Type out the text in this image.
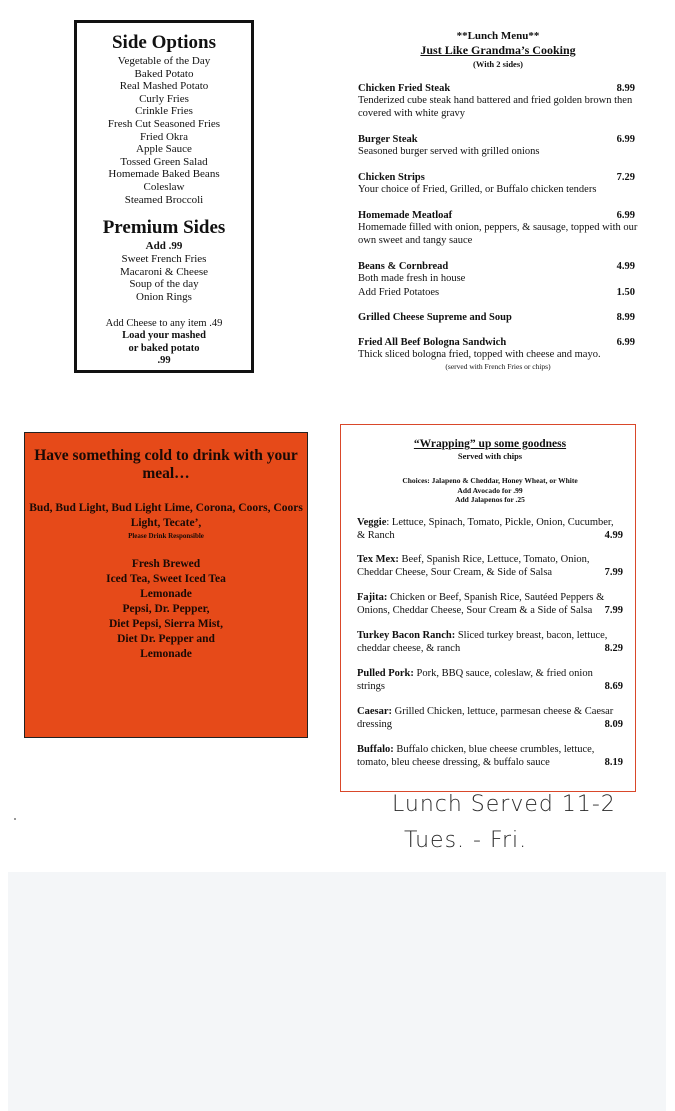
Side Options
Vegetable of the Day
Baked Potato
Real Mashed Potato
Curly Fries
Crinkle Fries
Fresh Cut Seasoned Fries
Fried Okra
Apple Sauce
Tossed Green Salad
Homemade Baked Beans
Coleslaw
Steamed Broccoli
Premium Sides
Add .99
Sweet French Fries
Macaroni & Cheese
Soup of the day
Onion Rings
Add Cheese to any item .49
Load your mashed
or baked potato
.99
**Lunch Menu**
Just Like Grandma’s Cooking
(With 2 sides)
Chicken Fried Steak	8.99
Tenderized cube steak hand battered and fried golden brown then covered with white gravy
Burger Steak	6.99
Seasoned burger served with grilled onions
Chicken Strips	7.29
Your choice of Fried, Grilled, or Buffalo chicken tenders
Homemade Meatloaf	6.99
Homemade filled with onion, peppers, & sausage, topped with our own sweet and tangy sauce
Beans & Cornbread	4.99
Both made fresh in house
Add Fried Potatoes	1.50
Grilled Cheese Supreme and Soup	8.99
Fried All Beef Bologna Sandwich	6.99
Thick sliced bologna fried, topped with cheese and mayo.
(served with French Fries or chips)
Have something cold to drink with your meal…
Bud, Bud Light, Bud Light Lime, Corona, Coors, Coors Light, Tecate’,
Please Drink Responsible
Fresh Brewed
Iced Tea, Sweet Iced Tea
Lemonade
Pepsi, Dr. Pepper,
Diet Pepsi, Sierra Mist,
Diet Dr. Pepper and
Lemonade
“Wrapping” up some goodness
Served with chips
Choices: Jalapeno & Cheddar, Honey Wheat, or White
Add Avocado for .99
Add Jalapenos for .25
Veggie: Lettuce, Spinach, Tomato, Pickle, Onion, Cucumber, & Ranch	4.99
Tex Mex: Beef, Spanish Rice, Lettuce, Tomato, Onion, Cheddar Cheese, Sour Cream, & Side of Salsa	7.99
Fajita: Chicken or Beef, Spanish Rice, Sautéed Peppers & Onions, Cheddar Cheese, Sour Cream & a Side of Salsa 7.99
Turkey Bacon Ranch: Sliced turkey breast, bacon, lettuce, cheddar cheese, & ranch	8.29
Pulled Pork: Pork, BBQ sauce, coleslaw, & fried onion strings	8.69
Caesar: Grilled Chicken, lettuce, parmesan cheese & Caesar dressing	8.09
Buffalo: Buffalo chicken, blue cheese crumbles, lettuce, tomato, bleu cheese dressing, & buffalo sauce	8.19
Lunch Served 11-2
Tues. - Fri.
